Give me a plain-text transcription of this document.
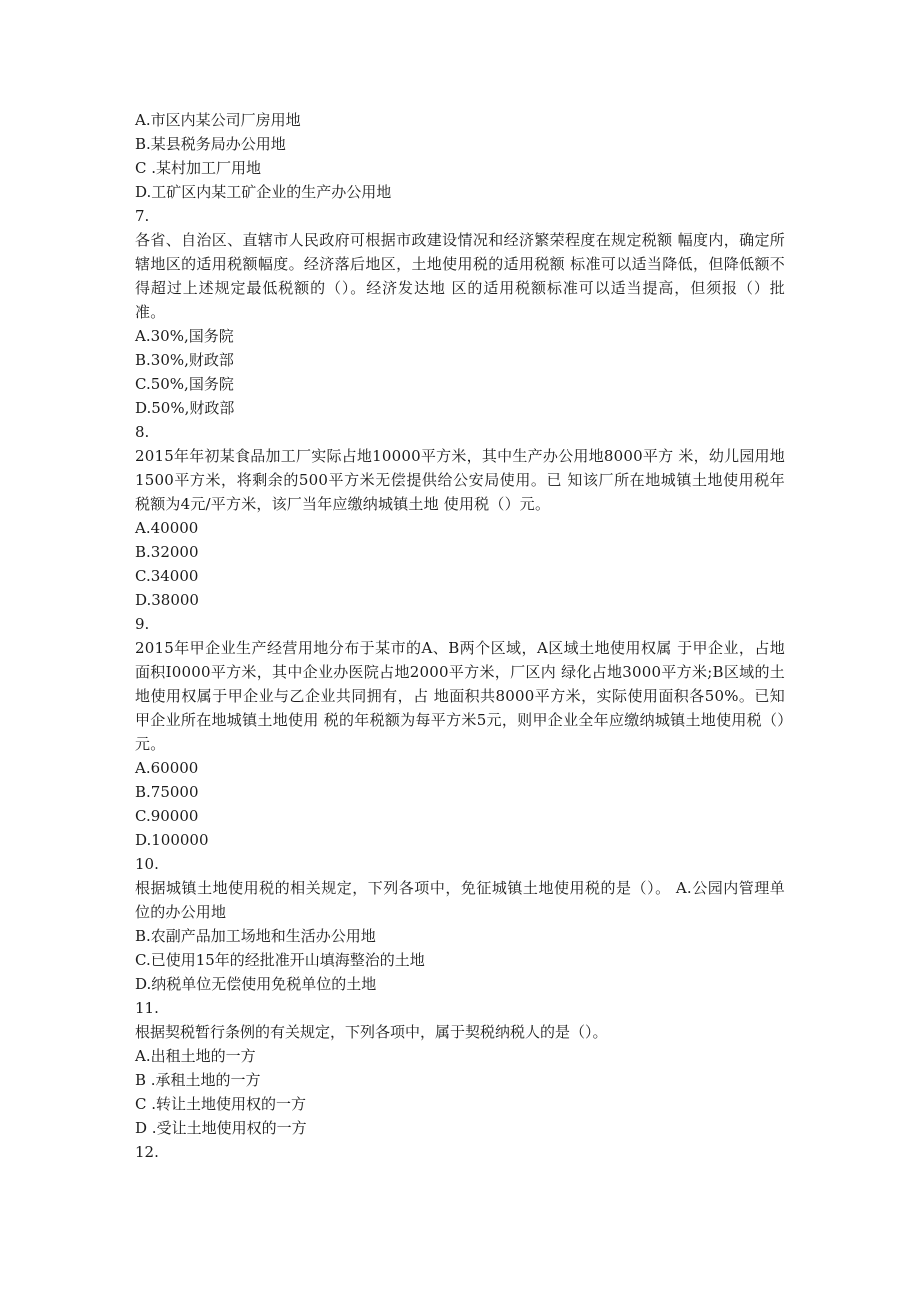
A.市区内某公司厂房用地
B.某县税务局办公用地
C .某村加工厂用地
D.工矿区内某工矿企业的生产办公用地
7.
各省、自治区、直辖市人民政府可根据市政建设情况和经济繁荣程度在规定税额 幅度内，确定所辖地区的适用税额幅度。经济落后地区，土地使用税的适用税额 标准可以适当降低，但降低额不得超过上述规定最低税额的（）。经济发达地 区的适用税额标准可以适当提高，但须报（）批准。
A.30%,国务院
B.30%,财政部
C.50%,国务院
D.50%,财政部
8.
2015年年初某食品加工厂实际占地10000平方米，其中生产办公用地8000平方 米，幼儿园用地1500平方米，将剩余的500平方米无偿提供给公安局使用。已 知该厂所在地城镇土地使用税年税额为4元/平方米，该厂当年应缴纳城镇土地 使用税（）元。
A.40000
B.32000
C.34000
D.38000
9.
2015年甲企业生产经营用地分布于某市的A、B两个区域，A区域土地使用权属 于甲企业，占地面积I0000平方米，其中企业办医院占地2000平方米，厂区内 绿化占地3000平方米;B区域的土地使用权属于甲企业与乙企业共同拥有，占 地面积共8000平方米，实际使用面积各50%。已知甲企业所在地城镇土地使用 税的年税额为每平方米5元，则甲企业全年应缴纳城镇土地使用税（）元。
A.60000
B.75000
C.90000
D.100000
10.
根据城镇土地使用税的相关规定，下列各项中，免征城镇土地使用税的是（）。 A.公园内管理单位的办公用地
B.农副产品加工场地和生活办公用地
C.已使用15年的经批准开山填海整治的土地
D.纳税单位无偿使用免税单位的土地
11.
根据契税暂行条例的有关规定，下列各项中，属于契税纳税人的是（）。
A.出租土地的一方
B .承租土地的一方
C .转让土地使用权的一方
D .受让土地使用权的一方
12.
